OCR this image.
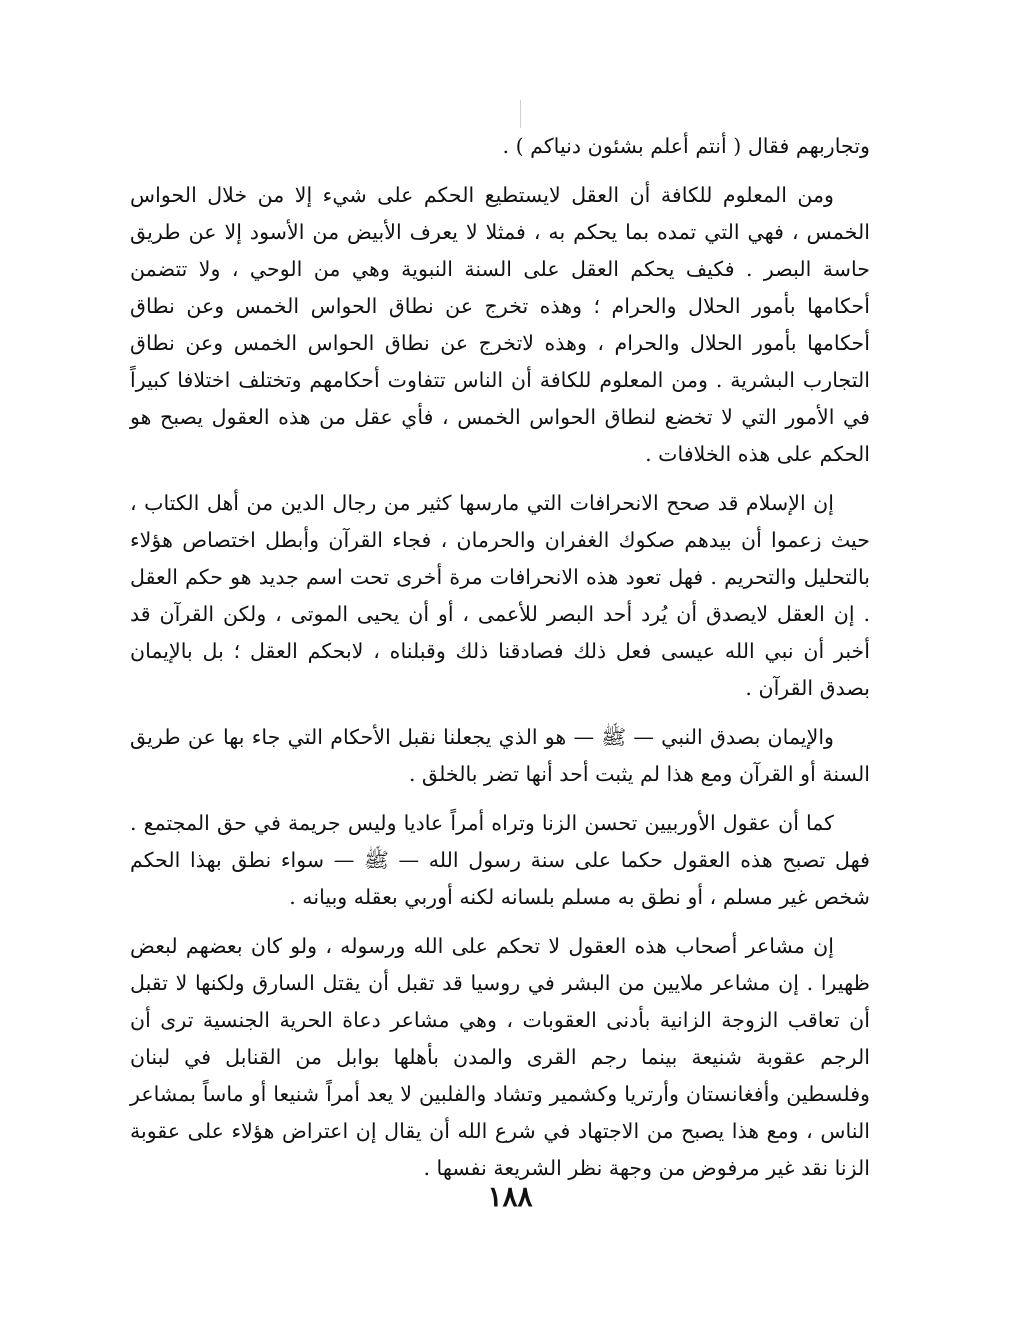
وتجاربهم فقال ( أنتم أعلم بشئون دنياكم ) .

ومن المعلوم للكافة أن العقل لايستطيع الحكم على شيء إلا من خلال الحواس الخمس ، فهي التي تمده بما يحكم به ، فمثلا لا يعرف الأبيض من الأسود إلا عن طريق حاسة البصر . فكيف يحكم العقل على السنة النبوية وهي من الوحي ، ولا تتضمن أحكامها بأمور الحلال والحرام ؛ وهذه تخرج عن نطاق الحواس الخمس وعن نطاق أحكامها بأمور الحلال والحرام ، وهذه لاتخرج عن نطاق الحواس الخمس وعن نطاق التجارب البشرية . ومن المعلوم للكافة أن الناس تتفاوت أحكامهم وتختلف اختلافا كبيراً في الأمور التي لا تخضع لنطاق الحواس الخمس ، فأي عقل من هذه العقول يصبح هو الحكم على هذه الخلافات .

إن الإسلام قد صحح الانحرافات التي مارسها كثير من رجال الدين من أهل الكتاب ، حيث زعموا أن بيدهم صكوك الغفران والحرمان ، فجاء القرآن وأبطل اختصاص هؤلاء بالتحليل والتحريم . فهل تعود هذه الانحرافات مرة أخرى تحت اسم جديد هو حكم العقل . إن العقل لايصدق أن يُرد أحد البصر للأعمى ، أو أن يحيى الموتى ، ولكن القرآن قد أخبر أن نبي الله عيسى فعل ذلك فصادقنا ذلك وقبلناه ، لابحكم العقل ؛ بل بالإيمان بصدق القرآن .

والإيمان بصدق النبي — ﷺ — هو الذي يجعلنا نقبل الأحكام التي جاء بها عن طريق السنة أو القرآن ومع هذا لم يثبت أحد أنها تضر بالخلق .

كما أن عقول الأوربيين تحسن الزنا وتراه أمراً عاديا وليس جريمة في حق المجتمع . فهل تصبح هذه العقول حكما على سنة رسول الله — ﷺ — سواء نطق بهذا الحكم شخص غير مسلم ، أو نطق به مسلم بلسانه لكنه أوربي بعقله وبيانه .

إن مشاعر أصحاب هذه العقول لا تحكم على الله ورسوله ، ولو كان بعضهم لبعض ظهيرا . إن مشاعر ملايين من البشر في روسيا قد تقبل أن يقتل السارق ولكنها لا تقبل أن تعاقب الزوجة الزانية بأدنى العقوبات ، وهي مشاعر دعاة الحرية الجنسية ترى أن الرجم عقوبة شنيعة بينما رجم القرى والمدن بأهلها بوابل من القنابل في لبنان وفلسطين وأفغانستان وأرتريا وكشمير وتشاد والفلبين لا يعد أمراً شنيعا أو ماساً بمشاعر الناس ، ومع هذا يصبح من الاجتهاد في شرع الله أن يقال إن اعتراض هؤلاء على عقوبة الزنا نقد غير مرفوض من وجهة نظر الشريعة نفسها .

١٨٨
